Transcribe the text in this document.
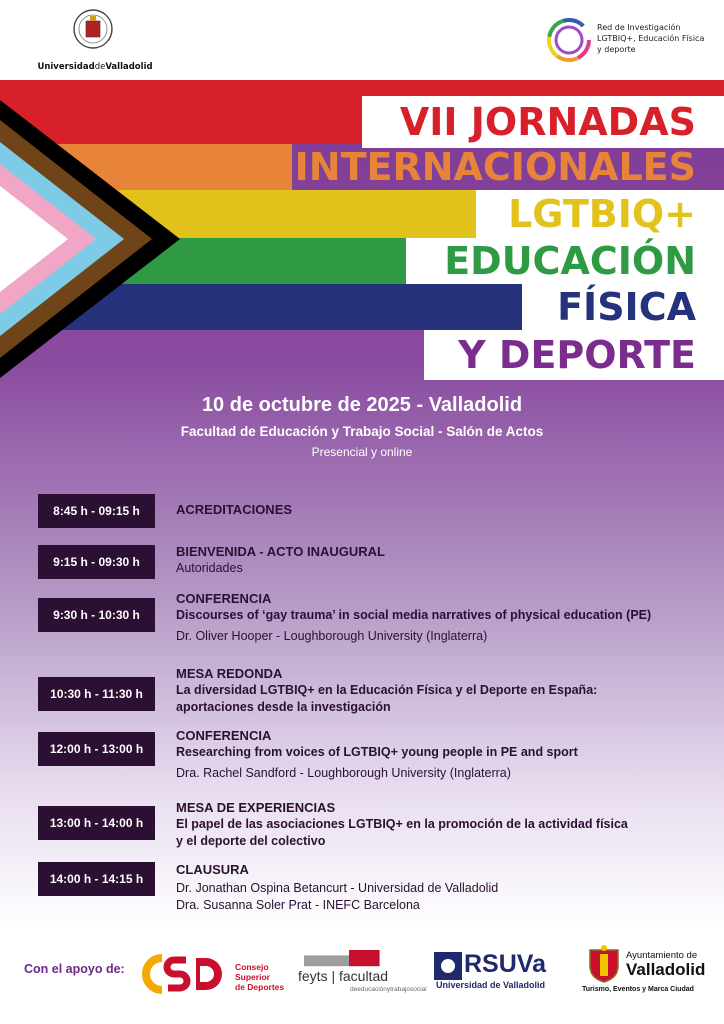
UniversidaddeValladolid
Red de Investigación
LGTBIQ+, Educación Física
y deporte
VII JORNADAS
INTERNACIONALES
LGTBIQ+
EDUCACIÓN
FÍSICA
Y DEPORTE
10 de octubre de 2025 - Valladolid
Facultad de Educación y Trabajo Social - Salón de Actos
Presencial y online
8:45 h - 09:15 h	ACREDITACIONES
9:15 h - 09:30 h
BIENVENIDA - ACTO INAUGURAL
Autoridades
9:30 h - 10:30 h
CONFERENCIA
Discourses of ‘gay trauma’ in social media narratives of physical education (PE)
Dr. Oliver Hooper - Loughborough University (Inglaterra)
10:30 h - 11:30 h
MESA REDONDA
La diversidad LGTBIQ+ en la Educación Física y el Deporte en España:
aportaciones desde la investigación
12:00 h - 13:00 h
CONFERENCIA
Researching from voices of LGTBIQ+ young people in PE and sport
Dra. Rachel Sandford - Loughborough University (Inglaterra)
13:00 h - 14:00 h
MESA DE EXPERIENCIAS
El papel de las asociaciones LGTBIQ+ en la promoción de la actividad física
y el deporte del colectivo
14:00 h - 14:15 h
CLAUSURA
Dr. Jonathan Ospina Betancurt - Universidad de Valladolid
Dra. Susanna Soler Prat - INEFC Barcelona
Con el apoyo de:	Consejo
Superior
de Deportes
feyts | facultad
deeducaciónytrabajosocial
RSUVa
Universidad de Valladolid
Ayuntamiento de
Valladolid
Turismo, Eventos y Marca Ciudad
